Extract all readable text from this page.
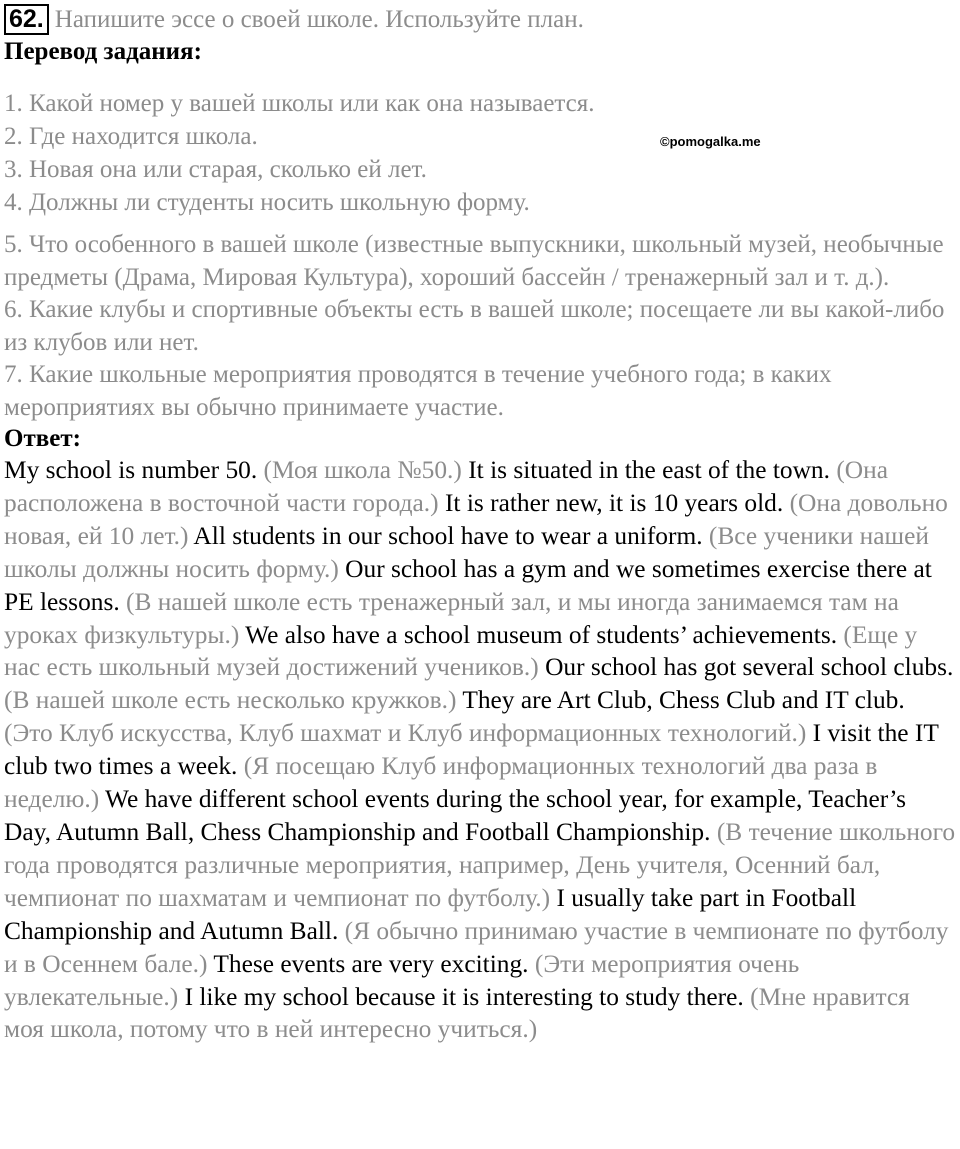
62. Напишите эссе о своей школе. Используйте план.
Перевод задания:
1. Какой номер у вашей школы или как она называется.
2. Где находится школа.
3. Новая она или старая, сколько ей лет.
4. Должны ли студенты носить школьную форму.
5. Что особенного в вашей школе (известные выпускники, школьный музей, необычные предметы (Драма, Мировая Культура), хороший бассейн / тренажерный зал и т. д.).
6. Какие клубы и спортивные объекты есть в вашей школе; посещаете ли вы какой-либо из клубов или нет.
7. Какие школьные мероприятия проводятся в течение учебного года; в каких мероприятиях вы обычно принимаете участие.
Ответ:

My school is number 50. (Моя школа №50.) It is situated in the east of the town. (Она расположена в восточной части города.) It is rather new, it is 10 years old. (Она довольно новая, ей 10 лет.) All students in our school have to wear a uniform. (Все ученики нашей школы должны носить форму.) Our school has a gym and we sometimes exercise there at PE lessons. (В нашей школе есть тренажерный зал, и мы иногда занимаемся там на уроках физкультуры.) We also have a school museum of students’ achievements. (Еще у нас есть школьный музей достижений учеников.) Our school has got several school clubs. (В нашей школе есть несколько кружков.) They are Art Club, Chess Club and IT club. (Это Клуб искусства, Клуб шахмат и Клуб информационных технологий.) I visit the IT club two times a week. (Я посещаю Клуб информационных технологий два раза в неделю.) We have different school events during the school year, for example, Teacher’s Day, Autumn Ball, Chess Championship and Football Championship. (В течение школьного года проводятся различные мероприятия, например, День учителя, Осенний бал, чемпионат по шахматам и чемпионат по футболу.) I usually take part in Football Championship and Autumn Ball. (Я обычно принимаю участие в чемпионате по футболу и в Осеннем бале.) These events are very exciting. (Эти мероприятия очень увлекательные.) I like my school because it is interesting to study there. (Мне нравится моя школа, потому что в ней интересно учиться.)

©pomogalka.me
